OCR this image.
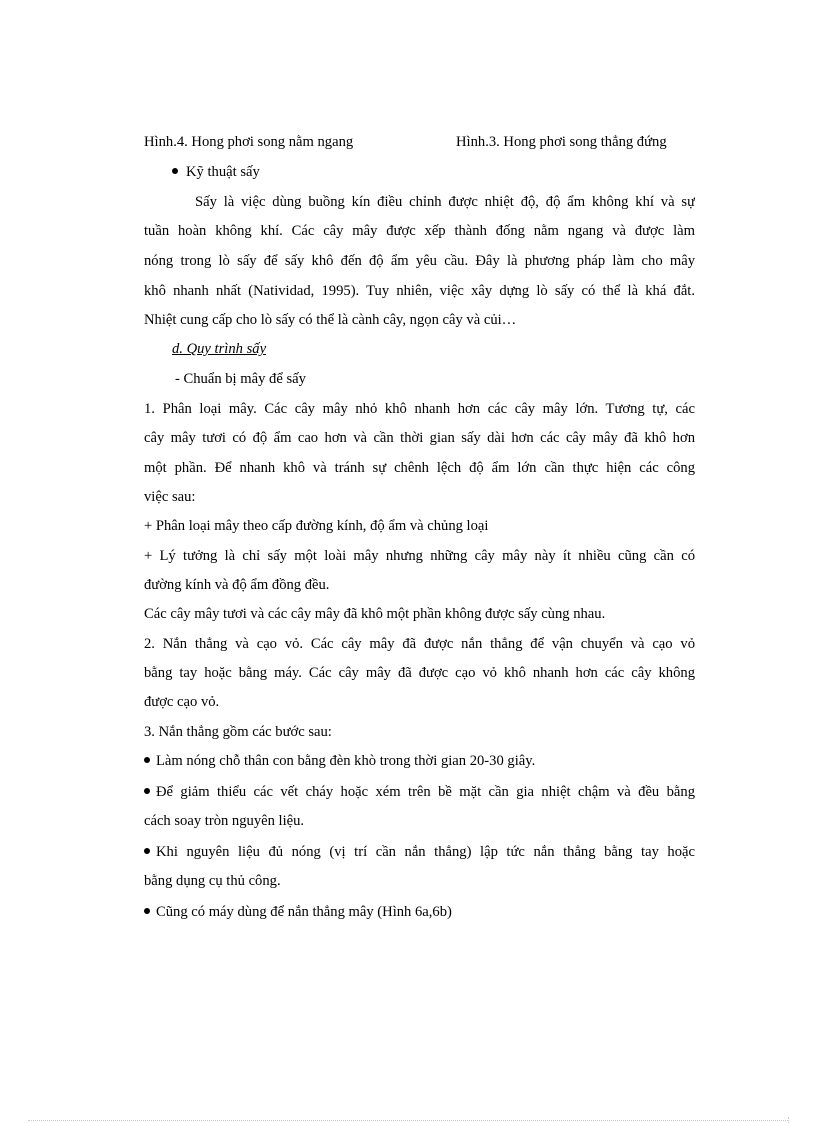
Hình.4. Hong phơi song nằm ngang	Hình.3. Hong phơi song thẳng đứng
Kỹ thuật sấy
Sấy là việc dùng buồng kín điều chỉnh được nhiệt độ, độ ẩm không khí và sự
tuần hoàn không khí. Các cây mây được xếp thành đống nằm ngang và được làm
nóng trong lò sấy để sấy khô đến độ ẩm yêu cầu. Đây là phương pháp làm cho mây
khô nhanh nhất (Natividad, 1995). Tuy nhiên, việc xây dựng lò sấy có thể là khá đắt.
Nhiệt cung cấp cho lò sấy có thể là cành cây, ngọn cây và củi…
d. Quy trình sấy
- Chuẩn bị mây để sấy
1. Phân loại mây. Các cây mây nhỏ khô nhanh hơn các cây mây lớn. Tương tự, các
cây mây tươi có độ ẩm cao hơn và cần thời gian sấy dài hơn các cây mây đã khô hơn
một phần. Để nhanh khô và tránh sự chênh lệch độ ẩm lớn cần thực hiện các công
việc sau:
+ Phân loại mây theo cấp đường kính, độ ẩm và chủng loại
+ Lý tưởng là chỉ sấy một loài mây nhưng những cây mây này ít nhiều cũng cần có
đường kính và độ ẩm đồng đều.
Các cây mây tươi và các cây mây đã khô một phần không được sấy cùng nhau.
2. Nắn thẳng và cạo vỏ. Các cây mây đã được nắn thẳng để vận chuyển và cạo vỏ
bằng tay hoặc bằng máy. Các cây mây đã được cạo vỏ khô nhanh hơn các cây không
được cạo vỏ.
3. Nắn thẳng gồm các bước sau:
Làm nóng chỗ thân con bằng đèn khò trong thời gian 20-30 giây.
Để giảm thiểu các vết cháy hoặc xém trên bề mặt cần gia nhiệt chậm và đều bằng
cách soay tròn nguyên liệu.
Khi nguyên liệu đủ nóng (vị trí cần nắn thẳng) lập tức nắn thẳng bằng tay hoặc
bằng dụng cụ thủ công.
Cũng có máy dùng để nắn thẳng mây (Hình 6a,6b)
